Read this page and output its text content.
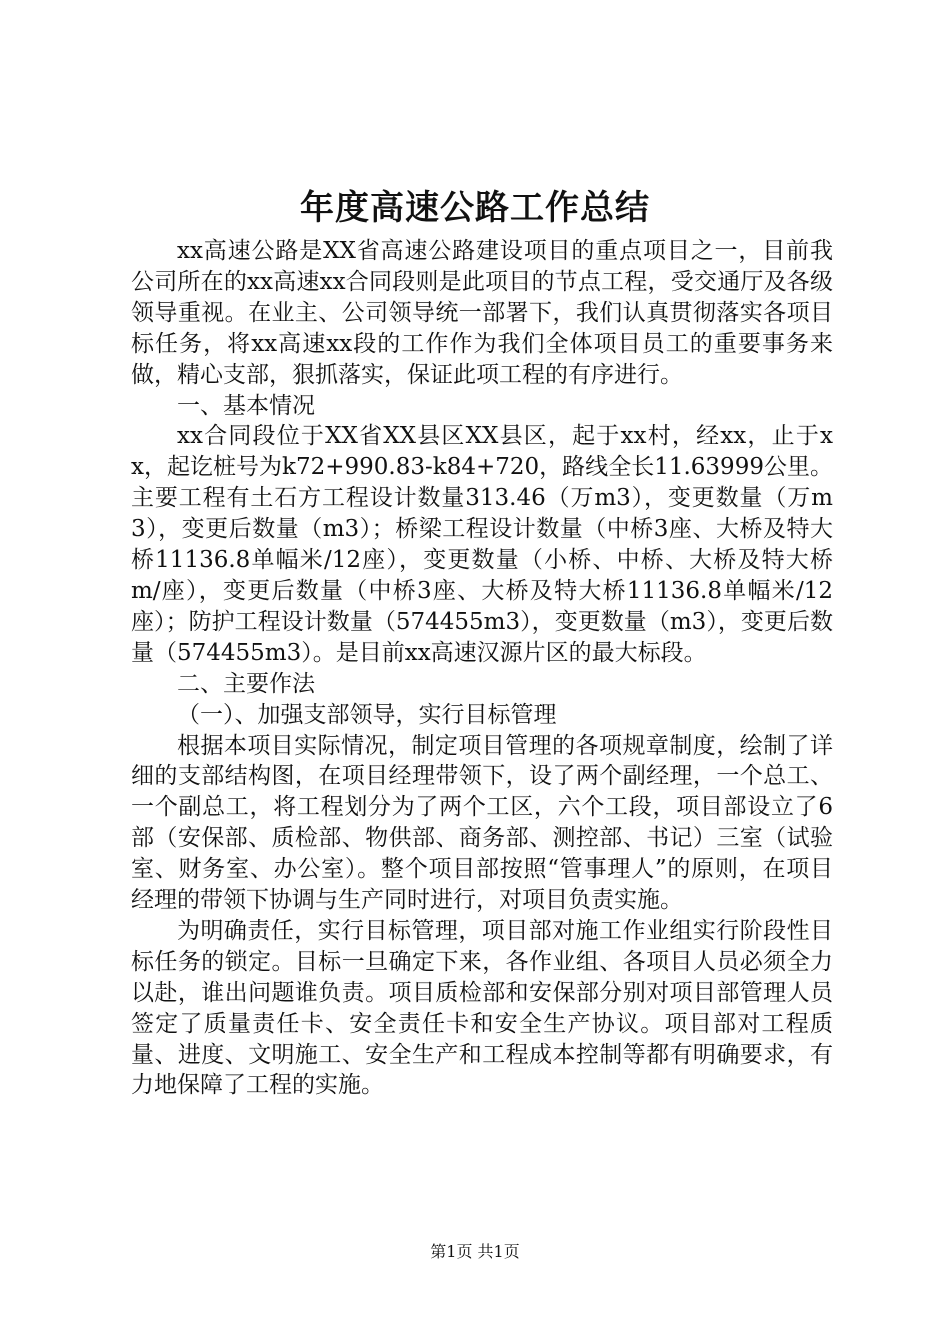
年度高速公路工作总结

xx高速公路是XX省高速公路建设项目的重点项目之一，目前我公司所在的xx高速xx合同段则是此项目的节点工程，受交通厅及各级领导重视。在业主、公司领导统一部署下，我们认真贯彻落实各项目标任务，将xx高速xx段的工作作为我们全体项目员工的重要事务来做，精心支部，狠抓落实，保证此项工程的有序进行。

一、基本情况

xx合同段位于XX省XX县区XX县区，起于xx村，经xx，止于xx，起讫桩号为k72+990.83-k84+720，路线全长11.63999公里。主要工程有土石方工程设计数量313.46（万m3），变更数量（万m3），变更后数量（m3）；桥梁工程设计数量（中桥3座、大桥及特大桥11136.8单幅米/12座），变更数量（小桥、中桥、大桥及特大桥m/座），变更后数量（中桥3座、大桥及特大桥11136.8单幅米/12座）；防护工程设计数量（574455m3），变更数量（m3），变更后数量（574455m3）。是目前xx高速汉源片区的最大标段。

二、主要作法

（一）、加强支部领导，实行目标管理

根据本项目实际情况，制定项目管理的各项规章制度，绘制了详细的支部结构图，在项目经理带领下，设了两个副经理，一个总工、一个副总工，将工程划分为了两个工区，六个工段，项目部设立了6部（安保部、质检部、物供部、商务部、测控部、书记）三室（试验室、财务室、办公室）。整个项目部按照“管事理人”的原则，在项目经理的带领下协调与生产同时进行，对项目负责实施。

为明确责任，实行目标管理，项目部对施工作业组实行阶段性目标任务的锁定。目标一旦确定下来，各作业组、各项目人员必须全力以赴，谁出问题谁负责。项目质检部和安保部分别对项目部管理人员签定了质量责任卡、安全责任卡和安全生产协议。项目部对工程质量、进度、文明施工、安全生产和工程成本控制等都有明确要求，有力地保障了工程的实施。

第1页 共1页
